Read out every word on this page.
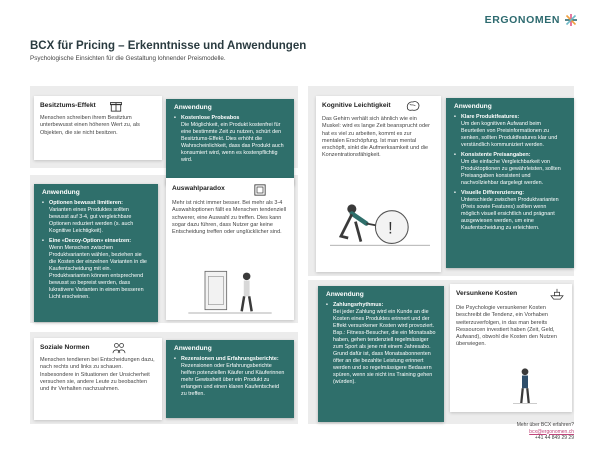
ERGONOMEN
BCX für Pricing – Erkenntnisse und Anwendungen
Psychologische Einsichten für die Gestaltung lohnender Preismodelle.
Besitztums-Effekt
Menschen schreiben ihrem Besitztum unterbewusst einen höheren Wert zu, als Objekten, die sie nicht besitzen.
Anwendung
• Kostenlose Probeabos
Die Möglichkeit, ein Produkt kostenfrei für eine bestimmte Zeit zu nutzen, schürt den Besitztums-Effekt. Dies erhöht die Wahrscheinlichkeit, dass das Produkt auch konsumiert wird, wenn es kostenpflichtig wird.
Kognitive Leichtigkeit
Das Gehirn verhält sich ähnlich wie ein Muskel: wird es lange Zeit beansprucht oder hat es viel zu arbeiten, kommt es zur mentalen Erschöpfung. Ist man mental erschöpft, sinkt die Aufmerksamkeit und die Konzentrationsfähigkeit.
!
Anwendung
• Klare Produktfeatures:
Um den kognitiven Aufwand beim Beurteilen von Preisinformationen zu senken, sollten Produktfeatures klar und verständlich kommuniziert werden.
• Konsistente Preisangaben:
Um die einfache Vergleichbarkeit von Produktoptionen zu gewährleisten, sollten Preisangaben konsistent und nachvollziehbar dargelegt werden.
• Visuelle Differenzierung:
Unterschiede zwischen Produktvarianten (Preis sowie Features) sollten wenn möglich visuell ersichtlich und prägnant ausgewiesen werden, um eine Kaufentscheidung zu erleichtern.
Anwendung
• Optionen bewusst limitieren:
Varianten eines Produktes sollten bewusst auf 3-4, gut vergleichbare Optionen reduziert werden (s. auch Kognitive Leichtigkeit).
• Eine «Decoy-Option» einsetzen:
Wenn Menschen zwischen Produktvarianten wählen, beziehen sie die Kosten der einzelnen Varianten in die Kaufentscheidung mit ein. Produktvarianten können entsprechend bewusst so bepreist werden, dass lukrativere Varianten in einem besseren Licht erscheinen.
Auswahlparadox
Mehr ist nicht immer besser. Bei mehr als 3-4 Auswahloptionen fällt es Menschen tendenziell schwerer, eine Auswahl zu treffen. Dies kann sogar dazu führen, dass Nutzer gar keine Entscheidung treffen oder unglücklicher sind.
Soziale Normen
Menschen tendieren bei Entscheidungen dazu, nach rechts und links zu schauen. Insbesondere in Situationen der Unsicherheit versuchen sie, andere Leute zu beobachten und ihr Verhalten nachzuahmen.
Anwendung
• Rezensionen und Erfahrungsberichte:
Rezensionen oder Erfahrungsberichte helfen potenziellen Käufer und Käuferinnen mehr Gewissheit über ein Produkt zu erlangen und einen klaren Kaufentscheid zu treffen.
Anwendung
• Zahlungsrhythmus:
Bei jeder Zahlung wird ein Kunde an die Kosten eines Produktes erinnert und der Effekt versunkener Kosten wird provoziert. Bsp.: Fitness-Besucher, die ein Monatsabo haben, gehen tendenziell regelmässiger zum Sport als jene mit einem Jahresabo. Grund dafür ist, dass Monatsabonnenten öfter an die bezahlte Leistung erinnert werden und so regelmässigere Bedauern spüren, wenn sie nicht ins Training gehen (würden).
Versunkene Kosten
Die Psychologie versunkener Kosten beschreibt die Tendenz, ein Vorhaben weiterzuverfolgen, in das man bereits Ressourcen investiert haben (Zeit, Geld, Aufwand), obwohl die Kosten den Nutzen überwiegen.
Mehr über BCX erfahren?
bcx@ergonomen.ch
+41 44 849 29 29
